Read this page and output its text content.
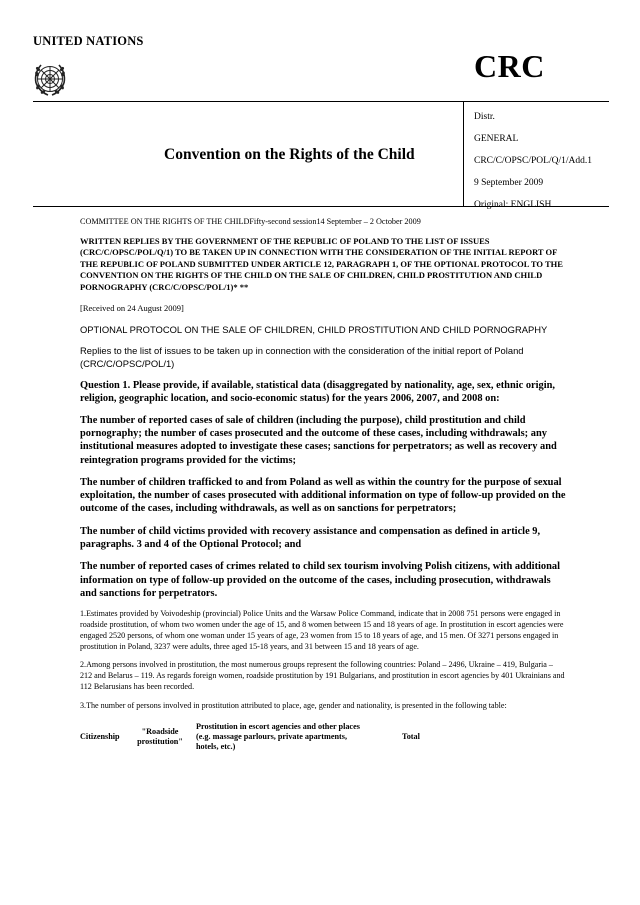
UNITED NATIONS
CRC
Convention on the Rights of the Child
Distr.
GENERAL
CRC/C/OPSC/POL/Q/1/Add.1
9 September 2009
Original: ENGLISH

COMMITTEE ON THE RIGHTS OF THE CHILDFifty-second session14 September – 2 October 2009

WRITTEN REPLIES BY THE GOVERNMENT OF THE REPUBLIC OF POLAND TO THE LIST OF ISSUES (CRC/C/OPSC/POL/Q/1) TO BE TAKEN UP IN CONNECTION WITH THE CONSIDERATION OF THE INITIAL REPORT OF THE REPUBLIC OF POLAND SUBMITTED UNDER ARTICLE 12, PARAGRAPH 1, OF THE OPTIONAL PROTOCOL TO THE CONVENTION ON THE RIGHTS OF THE CHILD ON THE SALE OF CHILDREN, CHILD PROSTITUTION AND CHILD PORNOGRAPHY (CRC/C/OPSC/POL/1)* **

[Received on 24 August 2009]

OPTIONAL PROTOCOL ON THE SALE OF CHILDREN, CHILD PROSTITUTION AND CHILD PORNOGRAPHY

Replies to the list of issues to be taken up in connection with the consideration of the initial report of Poland (CRC/C/OPSC/POL/1)

Question 1. Please provide, if available, statistical data (disaggregated by nationality, age, sex, ethnic origin, religion, geographic location, and socio-economic status) for the years 2006, 2007, and 2008 on:

The number of reported cases of sale of children (including the purpose), child prostitution and child pornography; the number of cases prosecuted and the outcome of these cases, including withdrawals; any institutional measures adopted to investigate these cases; sanctions for perpetrators; as well as recovery and reintegration programs provided for the victims;

The number of children trafficked to and from Poland as well as within the country for the purpose of sexual exploitation, the number of cases prosecuted with additional information on type of follow-up provided on the outcome of the cases, including withdrawals, as well as on sanctions for perpetrators;

The number of child victims provided with recovery assistance and compensation as defined in article 9, paragraphs. 3 and 4 of the Optional Protocol; and

The number of reported cases of crimes related to child sex tourism involving Polish citizens, with additional information on type of follow-up provided on the outcome of the cases, including prosecution, withdrawals and sanctions for perpetrators.

1.Estimates provided by Voivodeship (provincial) Police Units and the Warsaw Police Command, indicate that in 2008 751 persons were engaged in roadside prostitution, of whom two women under the age of 15, and 8 women between 15 and 18 years of age. In prostitution in escort agencies were engaged 2520 persons, of whom one woman under 15 years of age, 23 women from 15 to 18 years of age, and 15 men. Of 3271 persons engaged in prostitution in Poland, 3237 were adults, three aged 15-18 years, and 31 between 15 and 18 years of age.

2.Among persons involved in prostitution, the most numerous groups represent the following countries: Poland – 2496, Ukraine – 419, Bulgaria – 212 and Belarus – 119. As regards foreign women, roadside prostitution by 191 Bulgarians, and prostitution in escort agencies by 401 Ukrainians and 112 Belarusians has been recorded.

3.The number of persons involved in prostitution attributed to place, age, gender and nationality, is presented in the following table:

Citizenship	"Roadside prostitution"	Prostitution in escort agencies and other places (e.g. massage parlours, private apartments, hotels, etc.)	Total
